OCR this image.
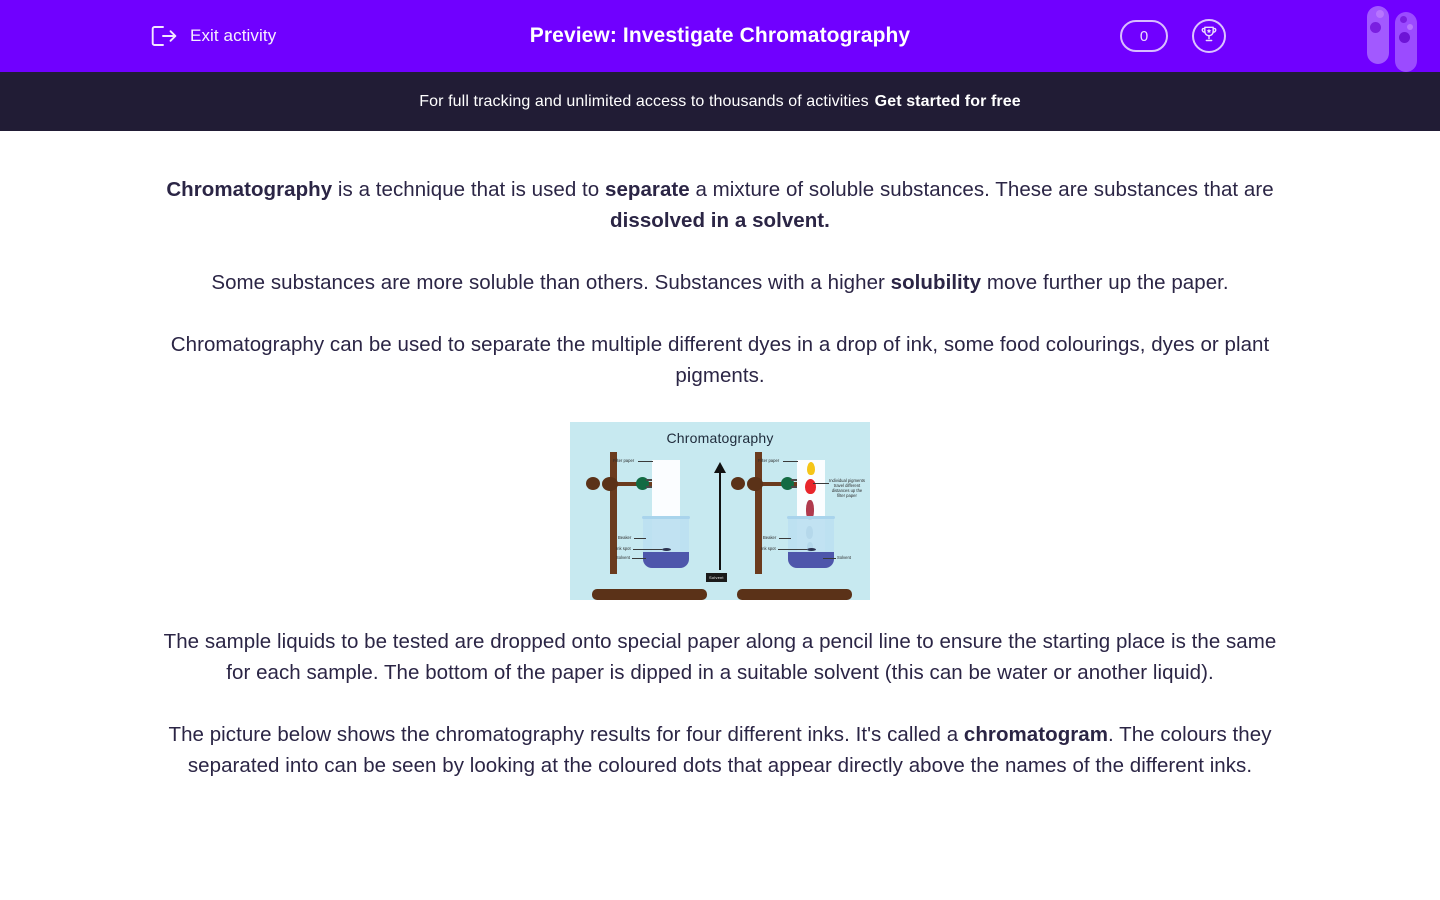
Exit activity	Preview: Investigate Chromatography	0
For full tracking and unlimited access to thousands of activities Get started for free

Chromatography is a technique that is used to separate a mixture of soluble substances. These are substances that are dissolved in a solvent.

Some substances are more soluble than others. Substances with a higher solubility move further up the paper.

Chromatography can be used to separate the multiple different dyes in a drop of ink, some food colourings, dyes or plant pigments.

Chromatography
Filter paper
Beaker
Ink spot
Solvent
Solvent
Filter paper
Beaker
Ink spot
Solvent
Individual pigments travel different distances up the filter paper

The sample liquids to be tested are dropped onto special paper along a pencil line to ensure the starting place is the same for each sample. The bottom of the paper is dipped in a suitable solvent (this can be water or another liquid).

The picture below shows the chromatography results for four different inks. It's called a chromatogram. The colours they separated into can be seen by looking at the coloured dots that appear directly above the names of the different inks.
